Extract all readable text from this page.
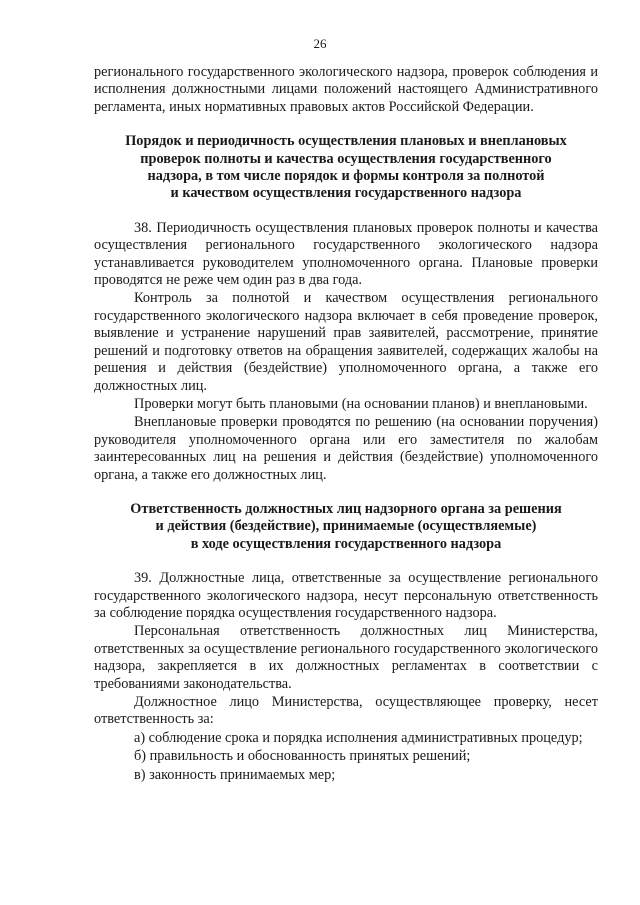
26

регионального государственного экологического надзора, проверок соблюдения и исполнения должностными лицами положений настоящего Административного регламента, иных нормативных правовых актов Российской Федерации.

Порядок и периодичность осуществления плановых и внеплановых
проверок полноты и качества осуществления государственного
надзора, в том числе порядок и формы контроля за полнотой
и качеством осуществления государственного надзора

38. Периодичность осуществления плановых проверок полноты и качества осуществления регионального государственного экологического надзора устанавливается руководителем уполномоченного органа. Плановые проверки проводятся не реже чем один раз в два года.

Контроль за полнотой и качеством осуществления регионального государственного экологического надзора включает в себя проведение проверок, выявление и устранение нарушений прав заявителей, рассмотрение, принятие решений и подготовку ответов на обращения заявителей, содержащих жалобы на решения и действия (бездействие) уполномоченного органа, а также его должностных лиц.

Проверки могут быть плановыми (на основании планов) и внеплановыми.

Внеплановые проверки проводятся по решению (на основании поручения) руководителя уполномоченного органа или его заместителя по жалобам заинтересованных лиц на решения и действия (бездействие) уполномоченного органа, а также его должностных лиц.

Ответственность должностных лиц надзорного органа за решения
и действия (бездействие), принимаемые (осуществляемые)
в ходе осуществления государственного надзора

39. Должностные лица, ответственные за осуществление регионального государственного экологического надзора, несут персональную ответственность за соблюдение порядка осуществления государственного надзора.

Персональная ответственность должностных лиц Министерства, ответственных за осуществление регионального государственного экологического надзора, закрепляется в их должностных регламентах в соответствии с требованиями законодательства.

Должностное лицо Министерства, осуществляющее проверку, несет ответственность за:

а) соблюдение срока и порядка исполнения административных процедур;

б) правильность и обоснованность принятых решений;

в) законность принимаемых мер;
